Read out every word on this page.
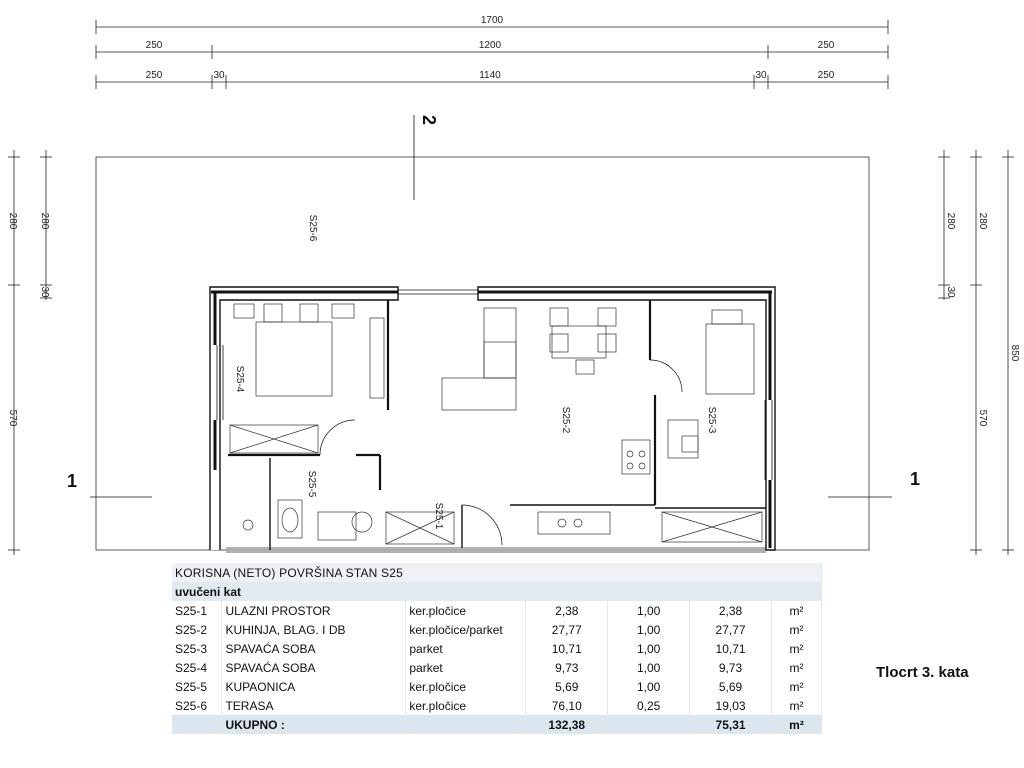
1700
250	1200	250
250	30	1140	30	250
280
570
280
30
280
30
280
570
850
2
1	1
S25-6
S25-4
S25-2	S25-3
S25-5
S25-1
KORISNA (NETO) POVRŠINA STAN S25						
uvučeni kat						
S25-1	ULAZNI PROSTOR	ker.pločice	2,38	1,00	2,38	m²
S25-2	KUHINJA, BLAG. I DB	ker.pločice/parket	27,77	1,00	27,77	m²
S25-3	SPAVAĆA SOBA	parket	10,71	1,00	10,71	m²
S25-4	SPAVAĆA SOBA	parket	9,73	1,00	9,73	m²
S25-5	KUPAONICA	ker.pločice	5,69	1,00	5,69	m²
S25-6	TERASA	ker.pločice	76,10	0,25	19,03	m²
	UKUPNO :		132,38		75,31	m²
Tlocrt 3. kata
